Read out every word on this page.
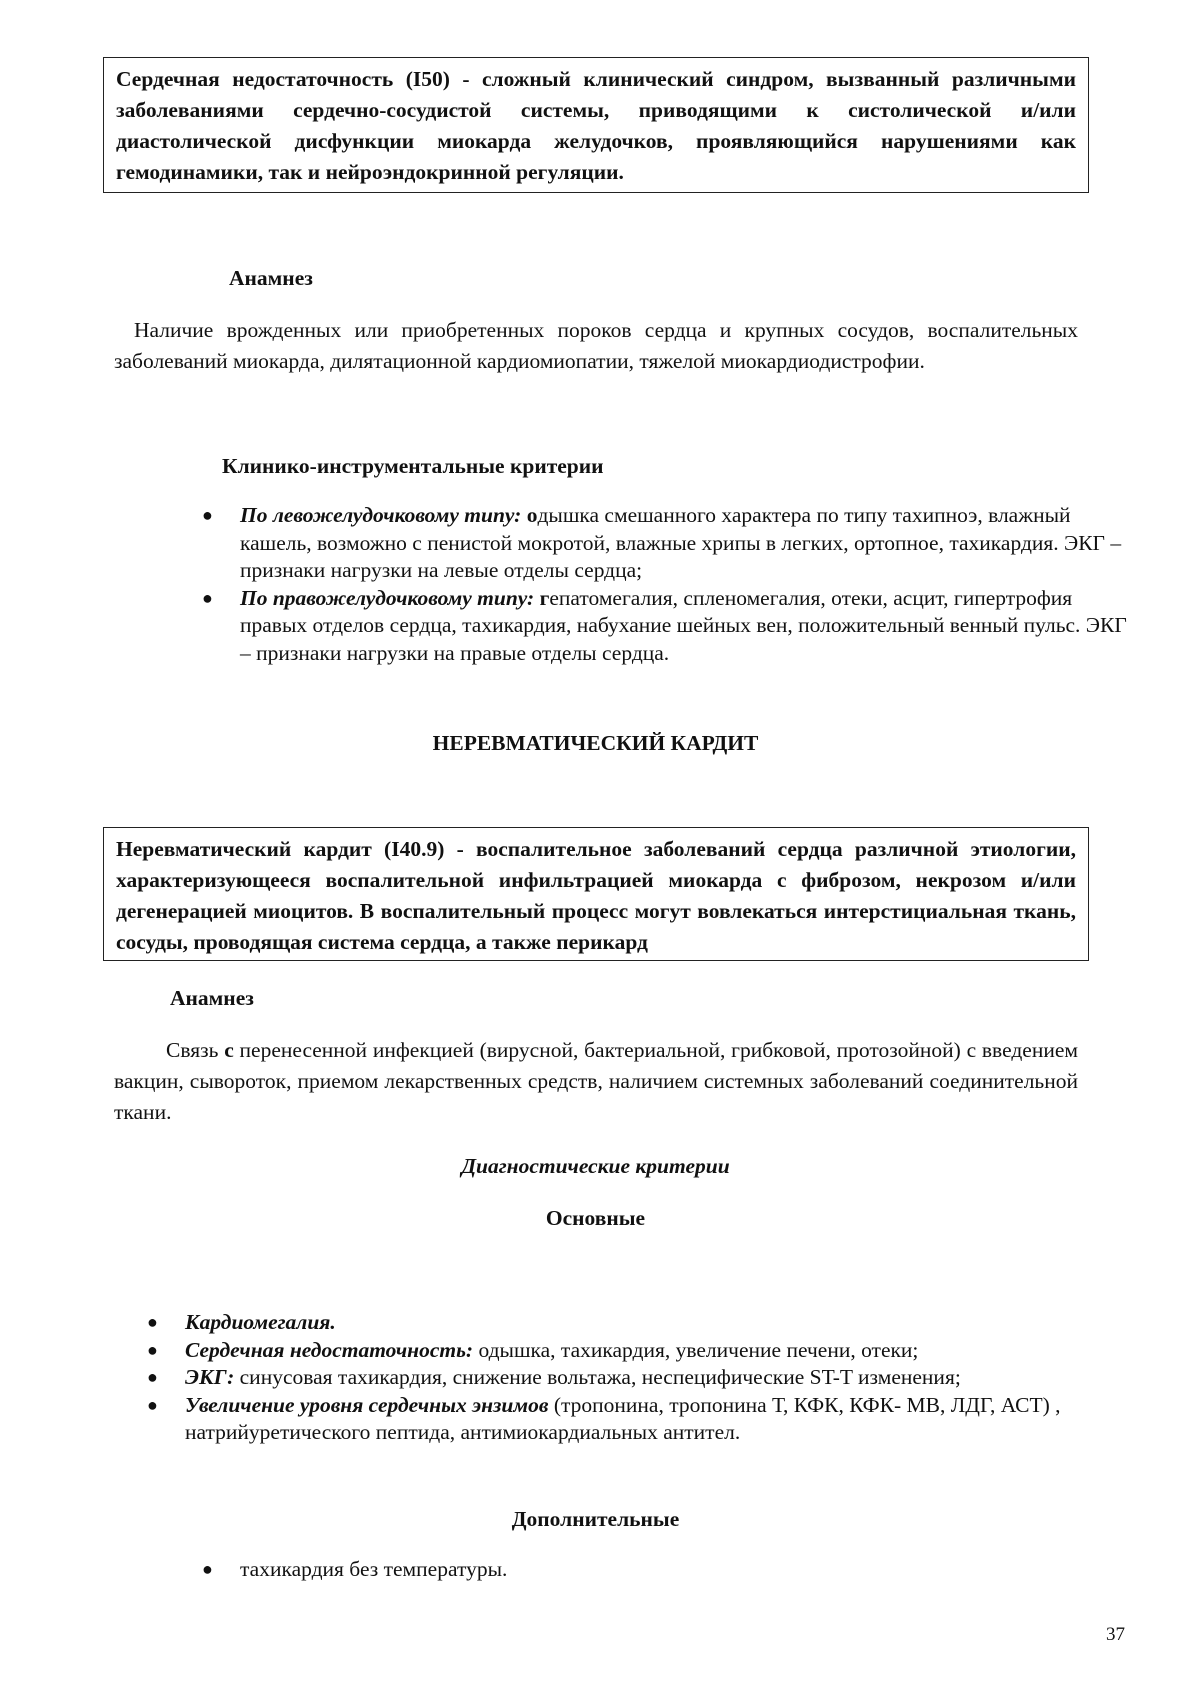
Сердечная недостаточность (I50) - сложный клинический синдром, вызванный различными заболеваниями сердечно-сосудистой системы, приводящими к систолической и/или диастолической дисфункции миокарда желудочков, проявляющийся нарушениями как гемодинамики, так и нейроэндокринной регуляции.
Анамнез
Наличие врожденных или приобретенных пороков сердца и крупных сосудов, воспалительных заболеваний миокарда, дилятационной кардиомиопатии, тяжелой миокардиодистрофии.
Клинико-инструментальные критерии
●	По левожелудочковому типу: одышка смешанного характера по типу тахипноэ, влажный кашель, возможно с пенистой мокротой, влажные хрипы в легких, ортопное, тахикардия. ЭКГ – признаки нагрузки на левые отделы сердца;
●	По правожелудочковому типу: гепатомегалия, спленомегалия, отеки, асцит, гипертрофия правых отделов сердца, тахикардия, набухание шейных вен, положительный венный пульс. ЭКГ – признаки нагрузки на правые отделы сердца.
НЕРЕВМАТИЧЕСКИЙ КАРДИТ
Неревматический кардит (I40.9) - воспалительное заболеваний сердца различной этиологии, характеризующееся воспалительной инфильтрацией миокарда с фиброзом, некрозом и/или дегенерацией миоцитов. В воспалительный процесс могут вовлекаться интерстициальная ткань, сосуды, проводящая система сердца, а также перикард
Анамнез
Связь с перенесенной инфекцией (вирусной, бактериальной, грибковой, протозойной) с введением вакцин, сывороток, приемом лекарственных средств, наличием системных заболеваний соединительной ткани.
Диагностические критерии
Основные
●	Кардиомегалия.
●	Сердечная недостаточность: одышка, тахикардия, увеличение печени, отеки;
●	ЭКГ: синусовая тахикардия, снижение вольтажа, неспецифические ST-T изменения;
●	Увеличение уровня сердечных энзимов (тропонина, тропонина Т, КФК, КФК- МВ, ЛДГ, АСТ) , натрийуретического пептида, антимиокардиальных антител.
Дополнительные
●	тахикардия без температуры.
37
